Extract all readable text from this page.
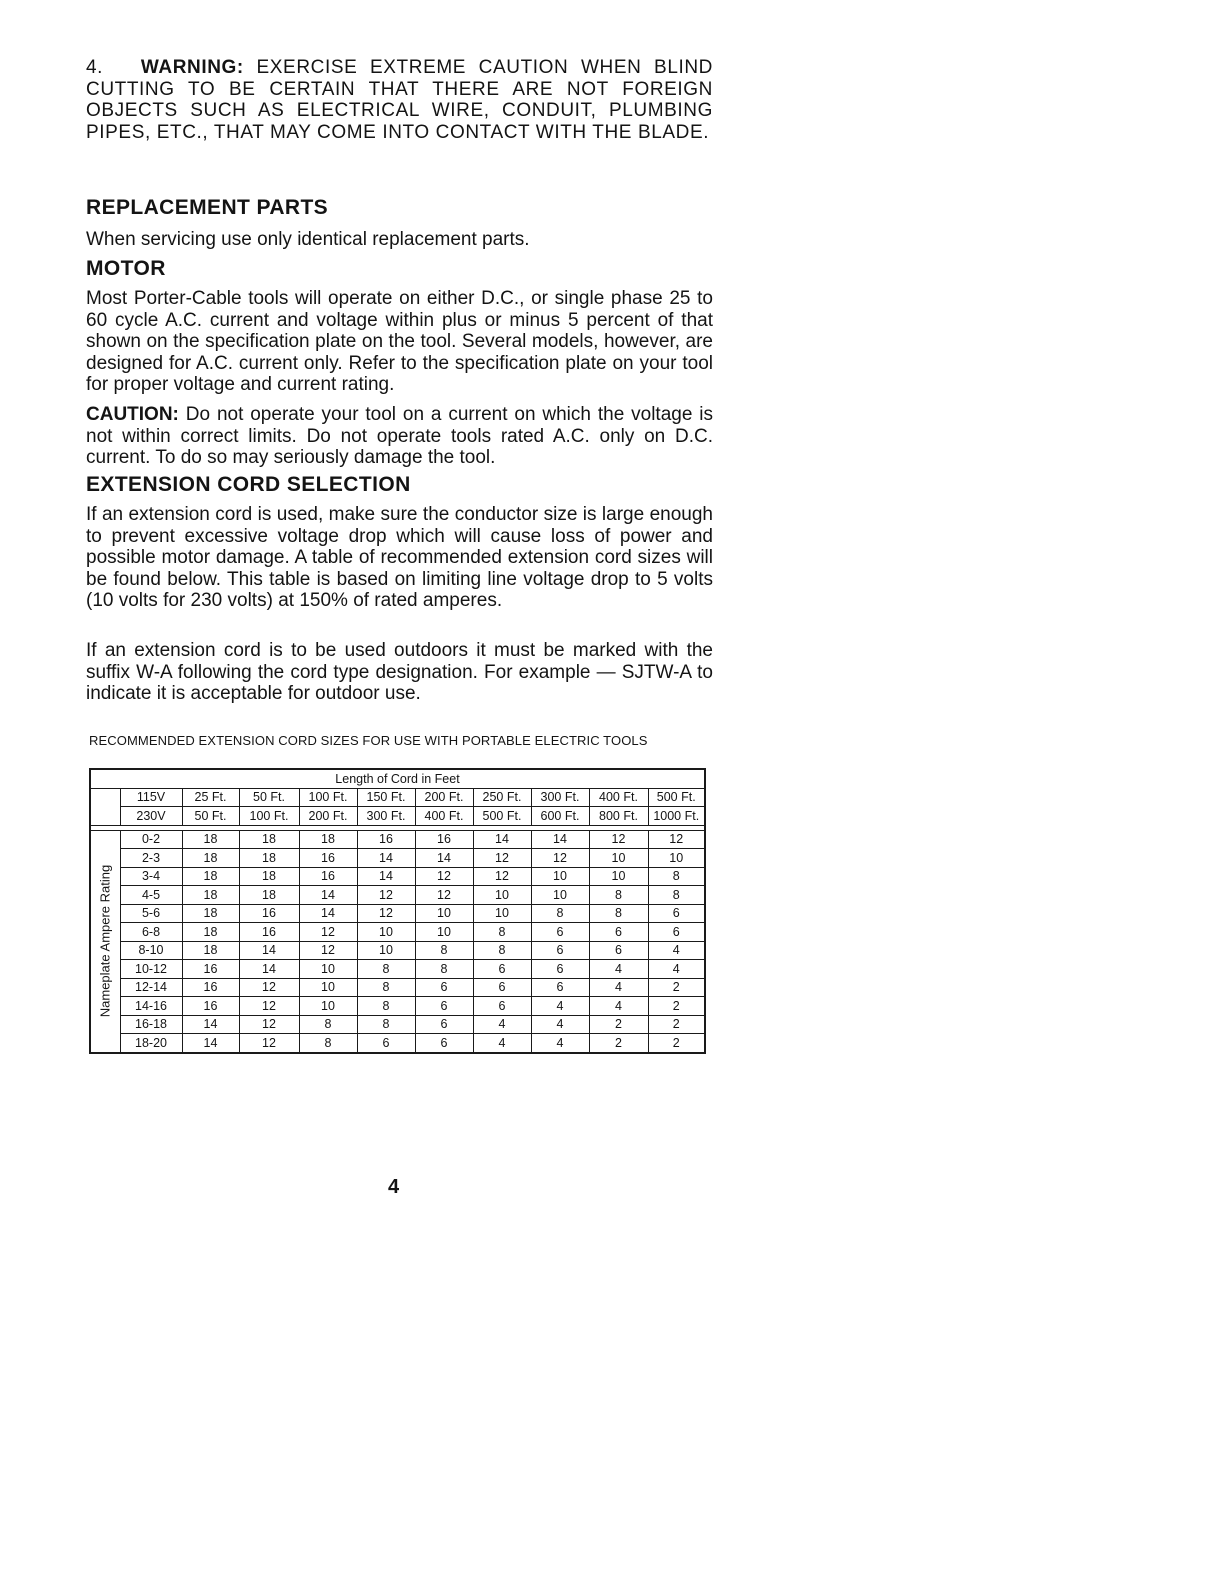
4. WARNING: EXERCISE EXTREME CAUTION WHEN BLIND CUTTING TO BE CERTAIN THAT THERE ARE NOT FOREIGN OBJECTS SUCH AS ELECTRICAL WIRE, CONDUIT, PLUMBING PIPES, ETC., THAT MAY COME INTO CONTACT WITH THE BLADE.

REPLACEMENT PARTS

When servicing use only identical replacement parts.

MOTOR

Most Porter-Cable tools will operate on either D.C., or single phase 25 to 60 cycle A.C. current and voltage within plus or minus 5 percent of that shown on the specification plate on the tool. Several models, however, are designed for A.C. current only. Refer to the specification plate on your tool for proper voltage and current rating.

CAUTION: Do not operate your tool on a current on which the voltage is not within correct limits. Do not operate tools rated A.C. only on D.C. current. To do so may seriously damage the tool.

EXTENSION CORD SELECTION

If an extension cord is used, make sure the conductor size is large enough to prevent excessive voltage drop which will cause loss of power and possible motor damage. A table of recommended extension cord sizes will be found below. This table is based on limiting line voltage drop to 5 volts (10 volts for 230 volts) at 150% of rated amperes.

If an extension cord is to be used outdoors it must be marked with the suffix W-A following the cord type designation. For example — SJTW-A to indicate it is acceptable for outdoor use.

RECOMMENDED EXTENSION CORD SIZES FOR USE WITH PORTABLE ELECTRIC TOOLS

Length of Cord in Feet										
	115V	25 Ft.	50 Ft.	100 Ft.	150 Ft.	200 Ft.	250 Ft.	300 Ft.	400 Ft.	500 Ft.
	230V	50 Ft.	100 Ft.	200 Ft.	300 Ft.	400 Ft.	500 Ft.	600 Ft.	800 Ft.	1000 Ft.

Nameplate Ampere Rating	0-2	18	18	18	16	16	14	14	12	12
	2-3	18	18	16	14	14	12	12	10	10
	3-4	18	18	16	14	12	12	10	10	8
	4-5	18	18	14	12	12	10	10	8	8
	5-6	18	16	14	12	10	10	8	8	6
	6-8	18	16	12	10	10	8	6	6	6
	8-10	18	14	12	10	8	8	6	6	4
	10-12	16	14	10	8	8	6	6	4	4
	12-14	16	12	10	8	6	6	6	4	2
	14-16	16	12	10	8	6	6	4	4	2
	16-18	14	12	8	8	6	4	4	2	2
	18-20	14	12	8	6	6	4	4	2	2
4
